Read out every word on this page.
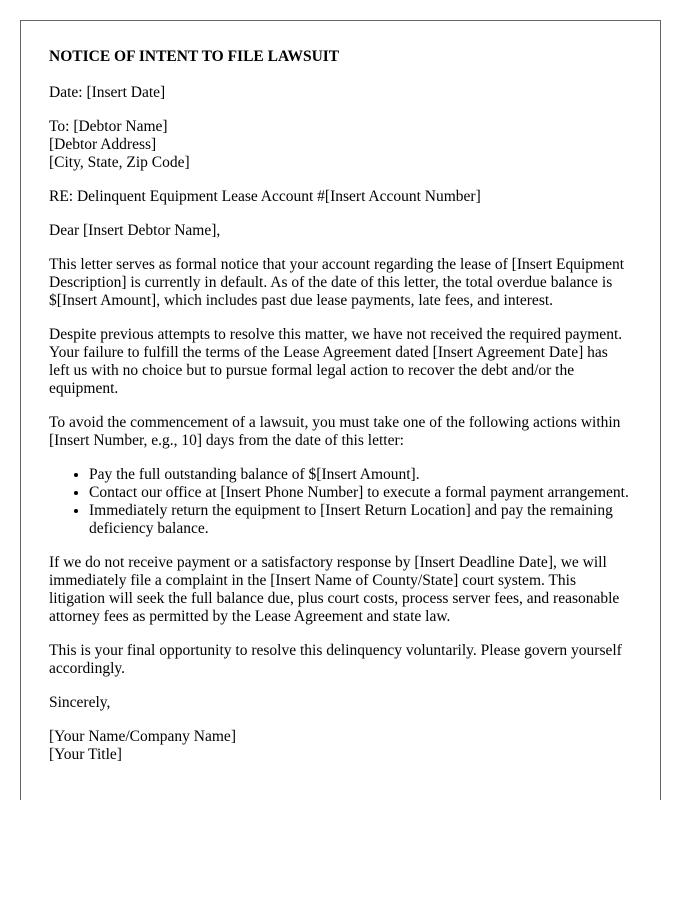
NOTICE OF INTENT TO FILE LAWSUIT

Date: [Insert Date]

To: [Debtor Name]
[Debtor Address]
[City, State, Zip Code]

RE: Delinquent Equipment Lease Account #[Insert Account Number]

Dear [Insert Debtor Name],

This letter serves as formal notice that your account regarding the lease of [Insert Equipment Description] is currently in default. As of the date of this letter, the total overdue balance is $[Insert Amount], which includes past due lease payments, late fees, and interest.

Despite previous attempts to resolve this matter, we have not received the required payment. Your failure to fulfill the terms of the Lease Agreement dated [Insert Agreement Date] has left us with no choice but to pursue formal legal action to recover the debt and/or the equipment.

To avoid the commencement of a lawsuit, you must take one of the following actions within [Insert Number, e.g., 10] days from the date of this letter:

• Pay the full outstanding balance of $[Insert Amount].
• Contact our office at [Insert Phone Number] to execute a formal payment arrangement.
• Immediately return the equipment to [Insert Return Location] and pay the remaining deficiency balance.

If we do not receive payment or a satisfactory response by [Insert Deadline Date], we will immediately file a complaint in the [Insert Name of County/State] court system. This litigation will seek the full balance due, plus court costs, process server fees, and reasonable attorney fees as permitted by the Lease Agreement and state law.

This is your final opportunity to resolve this delinquency voluntarily. Please govern yourself accordingly.

Sincerely,

[Your Name/Company Name]
[Your Title]
